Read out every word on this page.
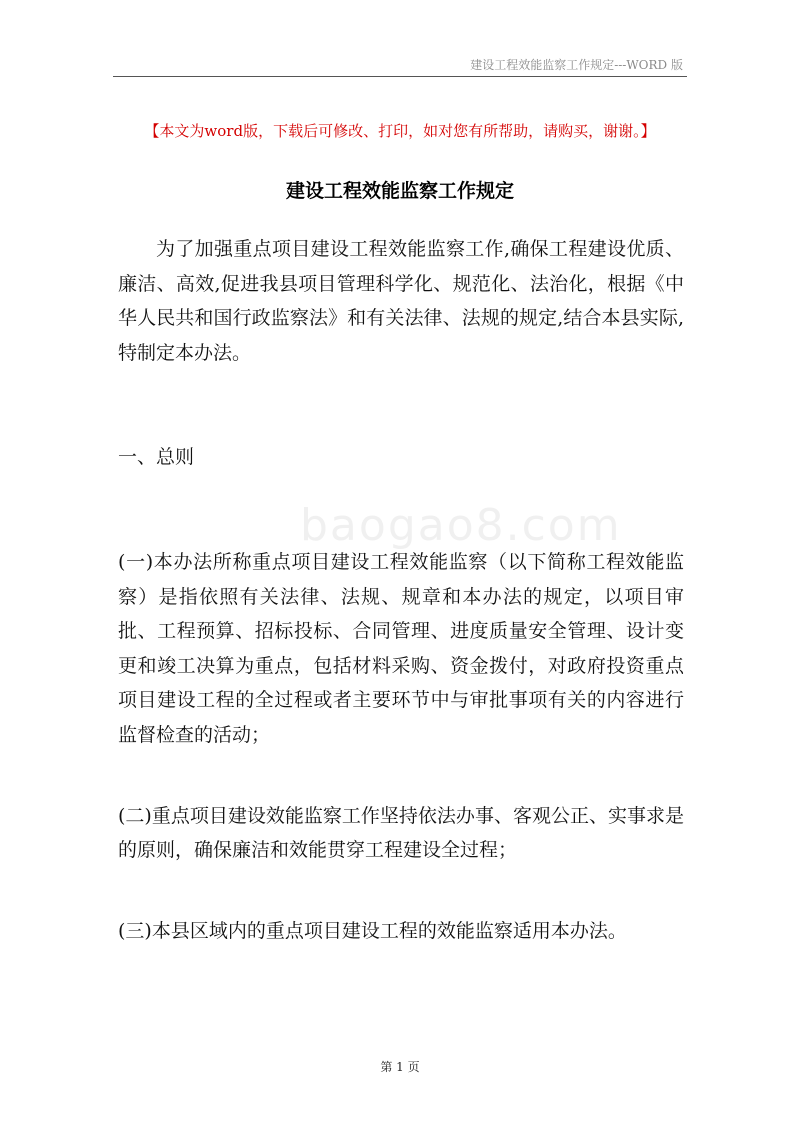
建设工程效能监察工作规定---WORD 版
【本文为word版，下载后可修改、打印，如对您有所帮助，请购买，谢谢。】
建设工程效能监察工作规定

为了加强重点项目建设工程效能监察工作,确保工程建设优质、廉洁、高效,促进我县项目管理科学化、规范化、法治化，根据《中华人民共和国行政监察法》和有关法律、法规的规定,结合本县实际,特制定本办法。

一、总则

(一)本办法所称重点项目建设工程效能监察（以下简称工程效能监察）是指依照有关法律、法规、规章和本办法的规定，以项目审批、工程预算、招标投标、合同管理、进度质量安全管理、设计变更和竣工决算为重点，包括材料采购、资金拨付，对政府投资重点项目建设工程的全过程或者主要环节中与审批事项有关的内容进行监督检查的活动；

(二)重点项目建设效能监察工作坚持依法办事、客观公正、实事求是的原则，确保廉洁和效能贯穿工程建设全过程；

(三)本县区域内的重点项目建设工程的效能监察适用本办法。

baogao8.com
第 1 页
